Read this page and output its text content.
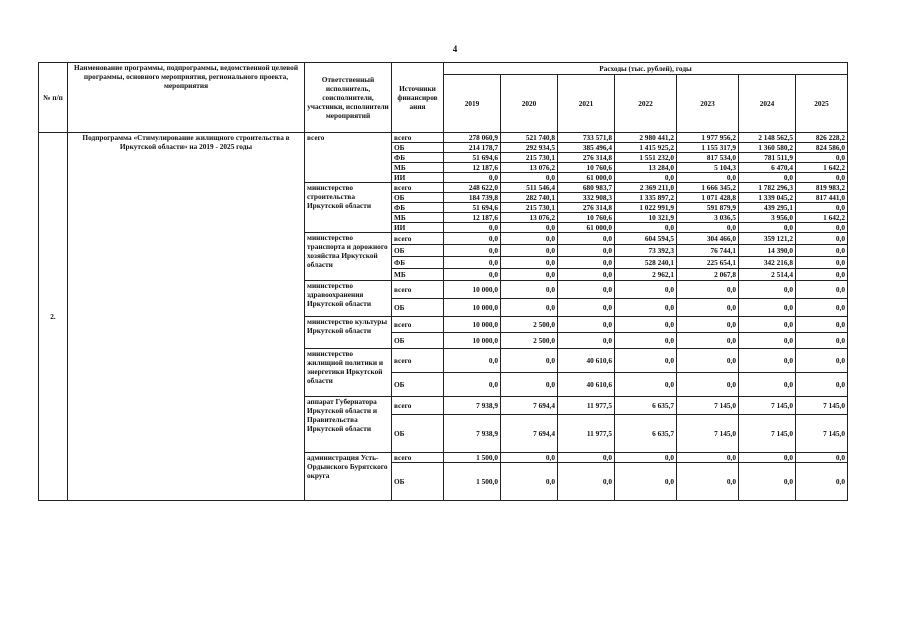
4
№ п/п	Наименование программы, подпрограммы, ведомственной целевой программы, основного мероприятия, регионального проекта, мероприятия	Ответственный исполнитель, соисполнители, участники, исполнители мероприятий	Источники финансиров ания	Расходы (тыс. рублей), годы						
				2019	2020	2021	2022	2023	2024	2025
2.	Подпрограмма «Стимулирование жилищного строительства в Иркутской области» на 2019 - 2025 годы	всего	всего	278 060,9	521 740,8	733 571,8	2 980 441,2	1 977 956,2	2 148 562,5	826 228,2
			ОБ	214 178,7	292 934,5	385 496,4	1 415 925,2	1 155 317,9	1 360 580,2	824 586,0
			ФБ	51 694,6	215 730,1	276 314,8	1 551 232,0	817 534,0	781 511,9	0,0
			МБ	12 187,6	13 076,2	10 760,6	13 284,0	5 104,3	6 470,4	1 642,2
			ИИ	0,0	0,0	61 000,0	0,0	0,0	0,0	0,0
		министерство строительства Иркутской области	всего	248 622,0	511 546,4	680 983,7	2 369 211,0	1 666 345,2	1 782 296,3	819 983,2
			ОБ	184 739,8	282 740,1	332 908,3	1 335 897,2	1 071 428,8	1 339 045,2	817 441,0
			ФБ	51 694,6	215 730,1	276 314,8	1 022 991,9	591 879,9	439 295,1	0,0
			МБ	12 187,6	13 076,2	10 760,6	10 321,9	3 036,5	3 956,0	1 642,2
			ИИ	0,0	0,0	61 000,0	0,0	0,0	0,0	0,0
		министерство транспорта и дорожного хозяйства Иркутской области	всего	0,0	0,0	0,0	604 594,5	304 466,0	359 121,2	0,0
			ОБ	0,0	0,0	0,0	73 392,3	76 744,1	14 390,0	0,0
			ФБ	0,0	0,0	0,0	528 240,1	225 654,1	342 216,8	0,0
			МБ	0,0	0,0	0,0	2 962,1	2 067,8	2 514,4	0,0
		министерство здравоохранения Иркутской области	всего	10 000,0	0,0	0,0	0,0	0,0	0,0	0,0
			ОБ	10 000,0	0,0	0,0	0,0	0,0	0,0	0,0
		министерство культуры Иркутской области	всего	10 000,0	2 500,0	0,0	0,0	0,0	0,0	0,0
			ОБ	10 000,0	2 500,0	0,0	0,0	0,0	0,0	0,0
		министерство жилищной политики и энергетики Иркутской области	всего	0,0	0,0	40 610,6	0,0	0,0	0,0	0,0
			ОБ	0,0	0,0	40 610,6	0,0	0,0	0,0	0,0
		аппарат Губернатора Иркутской области и Правительства Иркутской области	всего	7 938,9	7 694,4	11 977,5	6 635,7	7 145,0	7 145,0	7 145,0
			ОБ	7 938,9	7 694,4	11 977,5	6 635,7	7 145,0	7 145,0	7 145,0
		администрация Усть-Ордынского Бурятского округа	всего	1 500,0	0,0	0,0	0,0	0,0	0,0	0,0
			ОБ	1 500,0	0,0	0,0	0,0	0,0	0,0	0,0
